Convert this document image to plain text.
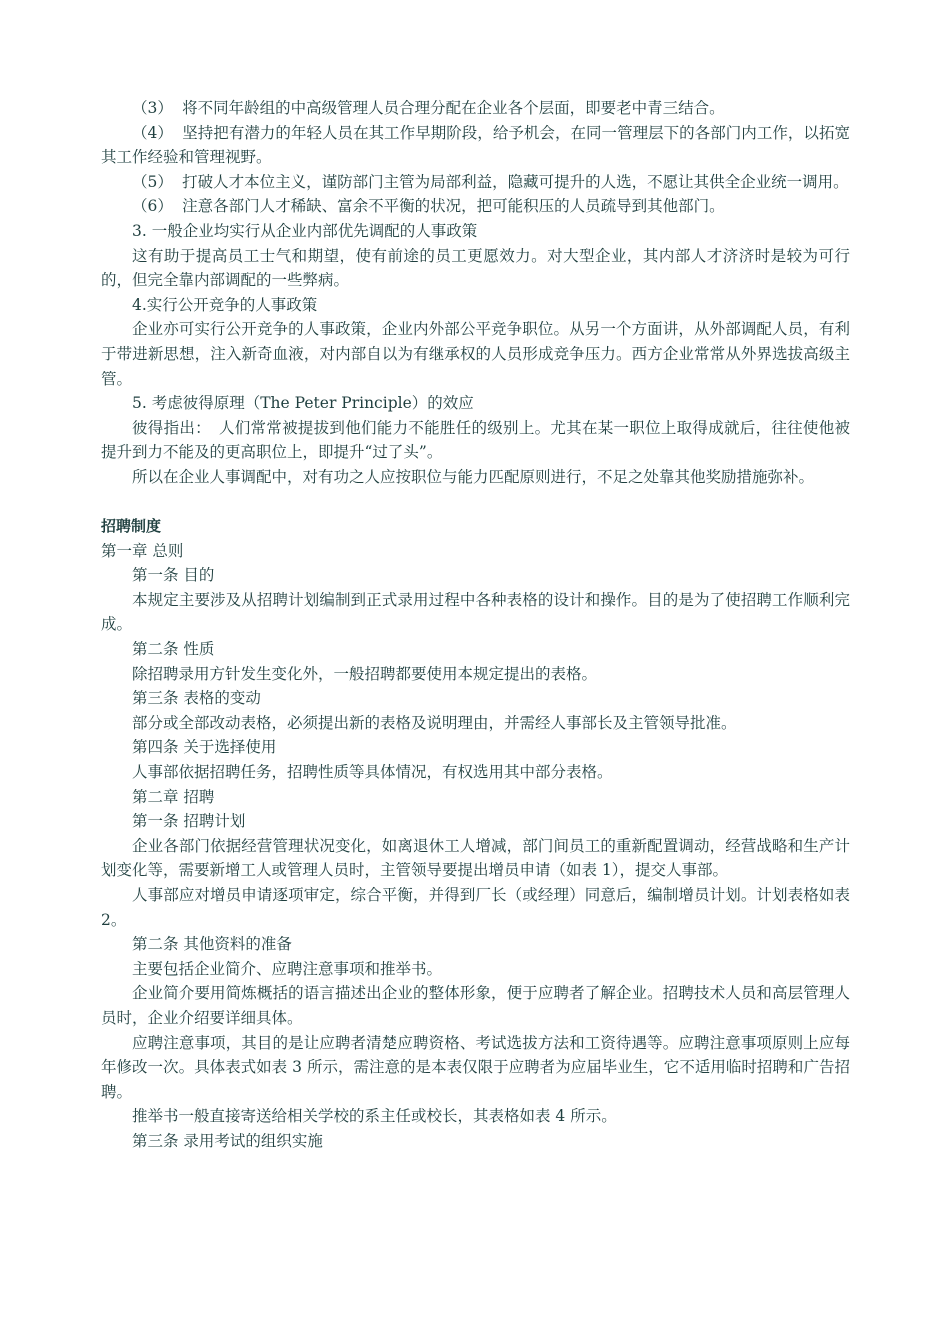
（3） 将不同年龄组的中高级管理人员合理分配在企业各个层面，即要老中青三结合。

（4） 坚持把有潜力的年轻人员在其工作早期阶段，给予机会，在同一管理层下的各部门内工作，以拓宽其工作经验和管理视野。

（5） 打破人才本位主义，谨防部门主管为局部利益，隐藏可提升的人选，不愿让其供全企业统一调用。

（6） 注意各部门人才稀缺、富余不平衡的状况，把可能积压的人员疏导到其他部门。

3. 一般企业均实行从企业内部优先调配的人事政策

这有助于提高员工士气和期望，使有前途的员工更愿效力。对大型企业，其内部人才济济时是较为可行的，但完全靠内部调配的一些弊病。

4.实行公开竞争的人事政策

企业亦可实行公开竞争的人事政策，企业内外部公平竞争职位。从另一个方面讲，从外部调配人员，有利于带进新思想，注入新奇血液，对内部自以为有继承权的人员形成竞争压力。西方企业常常从外界选拔高级主管。

5. 考虑彼得原理（The Peter Principle）的效应

彼得指出： 人们常常被提拔到他们能力不能胜任的级别上。尤其在某一职位上取得成就后，往往使他被提升到力不能及的更高职位上，即提升“过了头”。

所以在企业人事调配中，对有功之人应按职位与能力匹配原则进行，不足之处靠其他奖励措施弥补。

招聘制度

第一章 总则

第一条 目的

本规定主要涉及从招聘计划编制到正式录用过程中各种表格的设计和操作。目的是为了使招聘工作顺利完成。

第二条 性质

除招聘录用方针发生变化外，一般招聘都要使用本规定提出的表格。

第三条 表格的变动

部分或全部改动表格，必须提出新的表格及说明理由，并需经人事部长及主管领导批准。

第四条 关于选择使用

人事部依据招聘任务，招聘性质等具体情况，有权选用其中部分表格。

第二章 招聘

第一条 招聘计划

企业各部门依据经营管理状况变化，如离退休工人增减，部门间员工的重新配置调动，经营战略和生产计划变化等，需要新增工人或管理人员时，主管领导要提出增员申请（如表 1），提交人事部。

人事部应对增员申请逐项审定，综合平衡，并得到厂长（或经理）同意后，编制增员计划。计划表格如表 2。

第二条 其他资料的准备

主要包括企业简介、应聘注意事项和推举书。

企业简介要用简炼概括的语言描述出企业的整体形象，便于应聘者了解企业。招聘技术人员和高层管理人员时，企业介绍要详细具体。

应聘注意事项，其目的是让应聘者清楚应聘资格、考试选拔方法和工资待遇等。应聘注意事项原则上应每年修改一次。具体表式如表 3 所示，需注意的是本表仅限于应聘者为应届毕业生，它不适用临时招聘和广告招聘。

推举书一般直接寄送给相关学校的系主任或校长，其表格如表 4 所示。

第三条 录用考试的组织实施
